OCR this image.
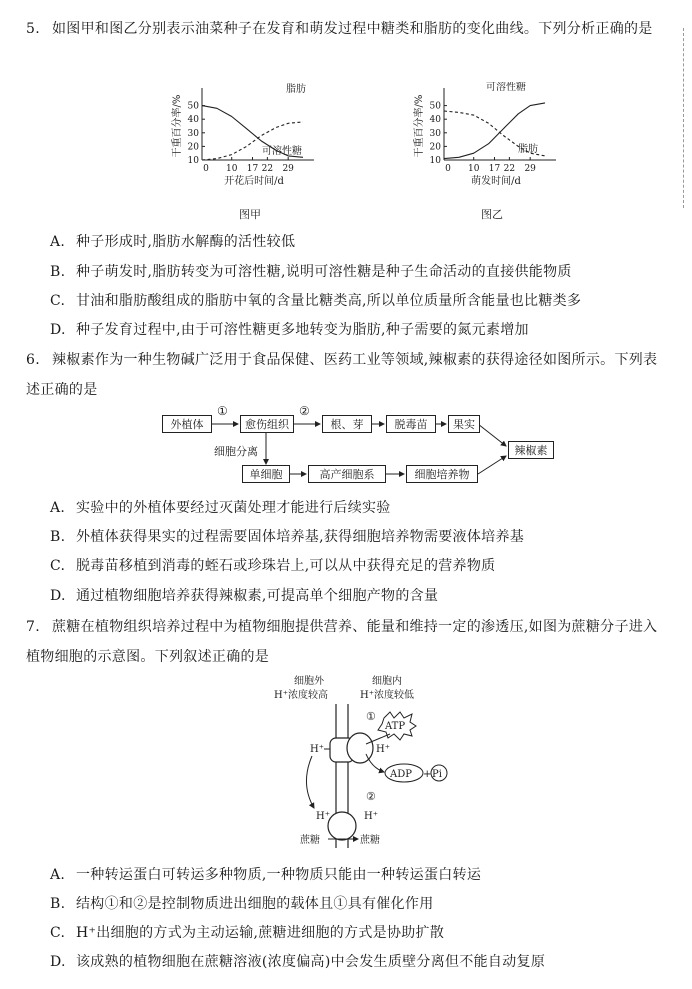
5. 如图甲和图乙分别表示油菜种子在发育和萌发过程中糖类和脂肪的变化曲线。下列分析正确的是
10
20
30
40
50
0 10 17 22 29
开花后时间/d
干重百分率/%
脂肪
可溶性糖
图甲
10
20
30
40
50
0 10 17 22 29
萌发时间/d
干重百分率/%
可溶性糖
脂肪
图乙
A. 种子形成时,脂肪水解酶的活性较低
B. 种子萌发时,脂肪转变为可溶性糖,说明可溶性糖是种子生命活动的直接供能物质
C. 甘油和脂肪酸组成的脂肪中氧的含量比糖类高,所以单位质量所含能量也比糖类多
D. 种子发育过程中,由于可溶性糖更多地转变为脂肪,种子需要的氮元素增加
6. 辣椒素作为一种生物碱广泛用于食品保健、医药工业等领域,辣椒素的获得途径如图所示。下列表述正确的是
外植体	愈伤组织	根、芽	脱毒苗	果实
辣椒素
单细胞	高产细胞系	细胞培养物
①	②
细胞分离
A. 实验中的外植体要经过灭菌处理才能进行后续实验
B. 外植体获得果实的过程需要固体培养基,获得细胞培养物需要液体培养基
C. 脱毒苗移植到消毒的蛭石或珍珠岩上,可以从中获得充足的营养物质
D. 通过植物细胞培养获得辣椒素,可提高单个细胞产物的含量
7. 蔗糖在植物组织培养过程中为植物细胞提供营养、能量和维持一定的渗透压,如图为蔗糖分子进入植物细胞的示意图。下列叙述正确的是
细胞外
H⁺浓度较高
细胞内
H⁺浓度较低
①
ATP
ADP + Pi
H⁺	H⁺
②
H⁺	H⁺
蔗糖	蔗糖
A. 一种转运蛋白可转运多种物质,一种物质只能由一种转运蛋白转运
B. 结构①和②是控制物质进出细胞的载体且①具有催化作用
C. H⁺出细胞的方式为主动运输,蔗糖进细胞的方式是协助扩散
D. 该成熟的植物细胞在蔗糖溶液(浓度偏高)中会发生质壁分离但不能自动复原
